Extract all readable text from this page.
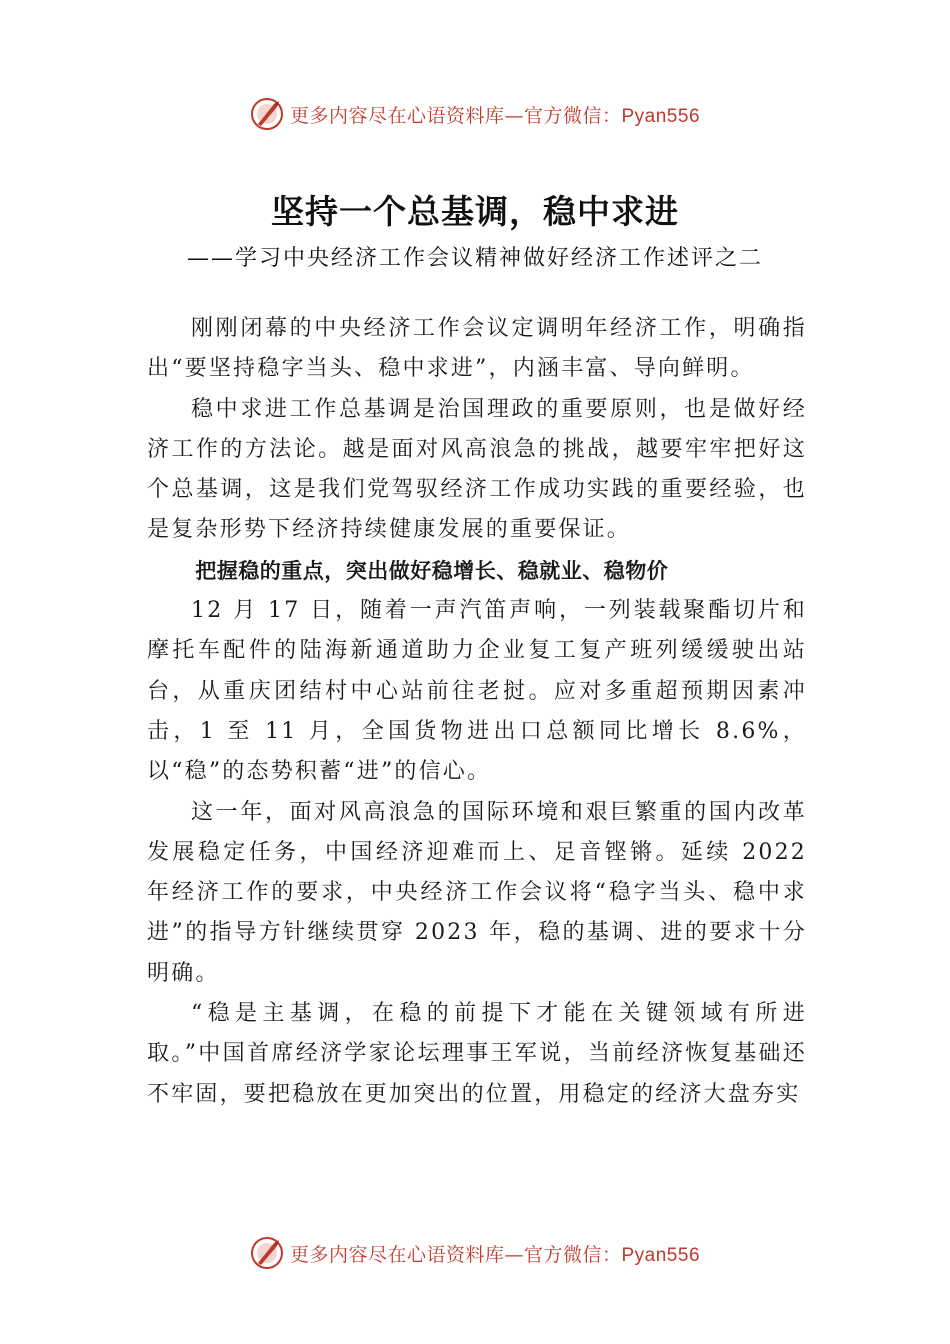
更多内容尽在心语资料库—官方微信：Pyan556
坚持一个总基调，稳中求进
——学习中央经济工作会议精神做好经济工作述评之二

刚刚闭幕的中央经济工作会议定调明年经济工作，明确指出“要坚持稳字当头、稳中求进”，内涵丰富、导向鲜明。

稳中求进工作总基调是治国理政的重要原则，也是做好经济工作的方法论。越是面对风高浪急的挑战，越要牢牢把好这个总基调，这是我们党驾驭经济工作成功实践的重要经验，也是复杂形势下经济持续健康发展的重要保证。

把握稳的重点，突出做好稳增长、稳就业、稳物价

12 月 17 日，随着一声汽笛声响，一列装载聚酯切片和摩托车配件的陆海新通道助力企业复工复产班列缓缓驶出站台，从重庆团结村中心站前往老挝。应对多重超预期因素冲击，1 至 11 月，全国货物进出口总额同比增长 8.6%，以“稳”的态势积蓄“进”的信心。

这一年，面对风高浪急的国际环境和艰巨繁重的国内改革发展稳定任务，中国经济迎难而上、足音铿锵。延续 2022 年经济工作的要求，中央经济工作会议将“稳字当头、稳中求进”的指导方针继续贯穿 2023 年，稳的基调、进的要求十分明确。

“稳是主基调，在稳的前提下才能在关键领域有所进取。”中国首席经济学家论坛理事王军说，当前经济恢复基础还不牢固，要把稳放在更加突出的位置，用稳定的经济大盘夯实

更多内容尽在心语资料库—官方微信：Pyan556
